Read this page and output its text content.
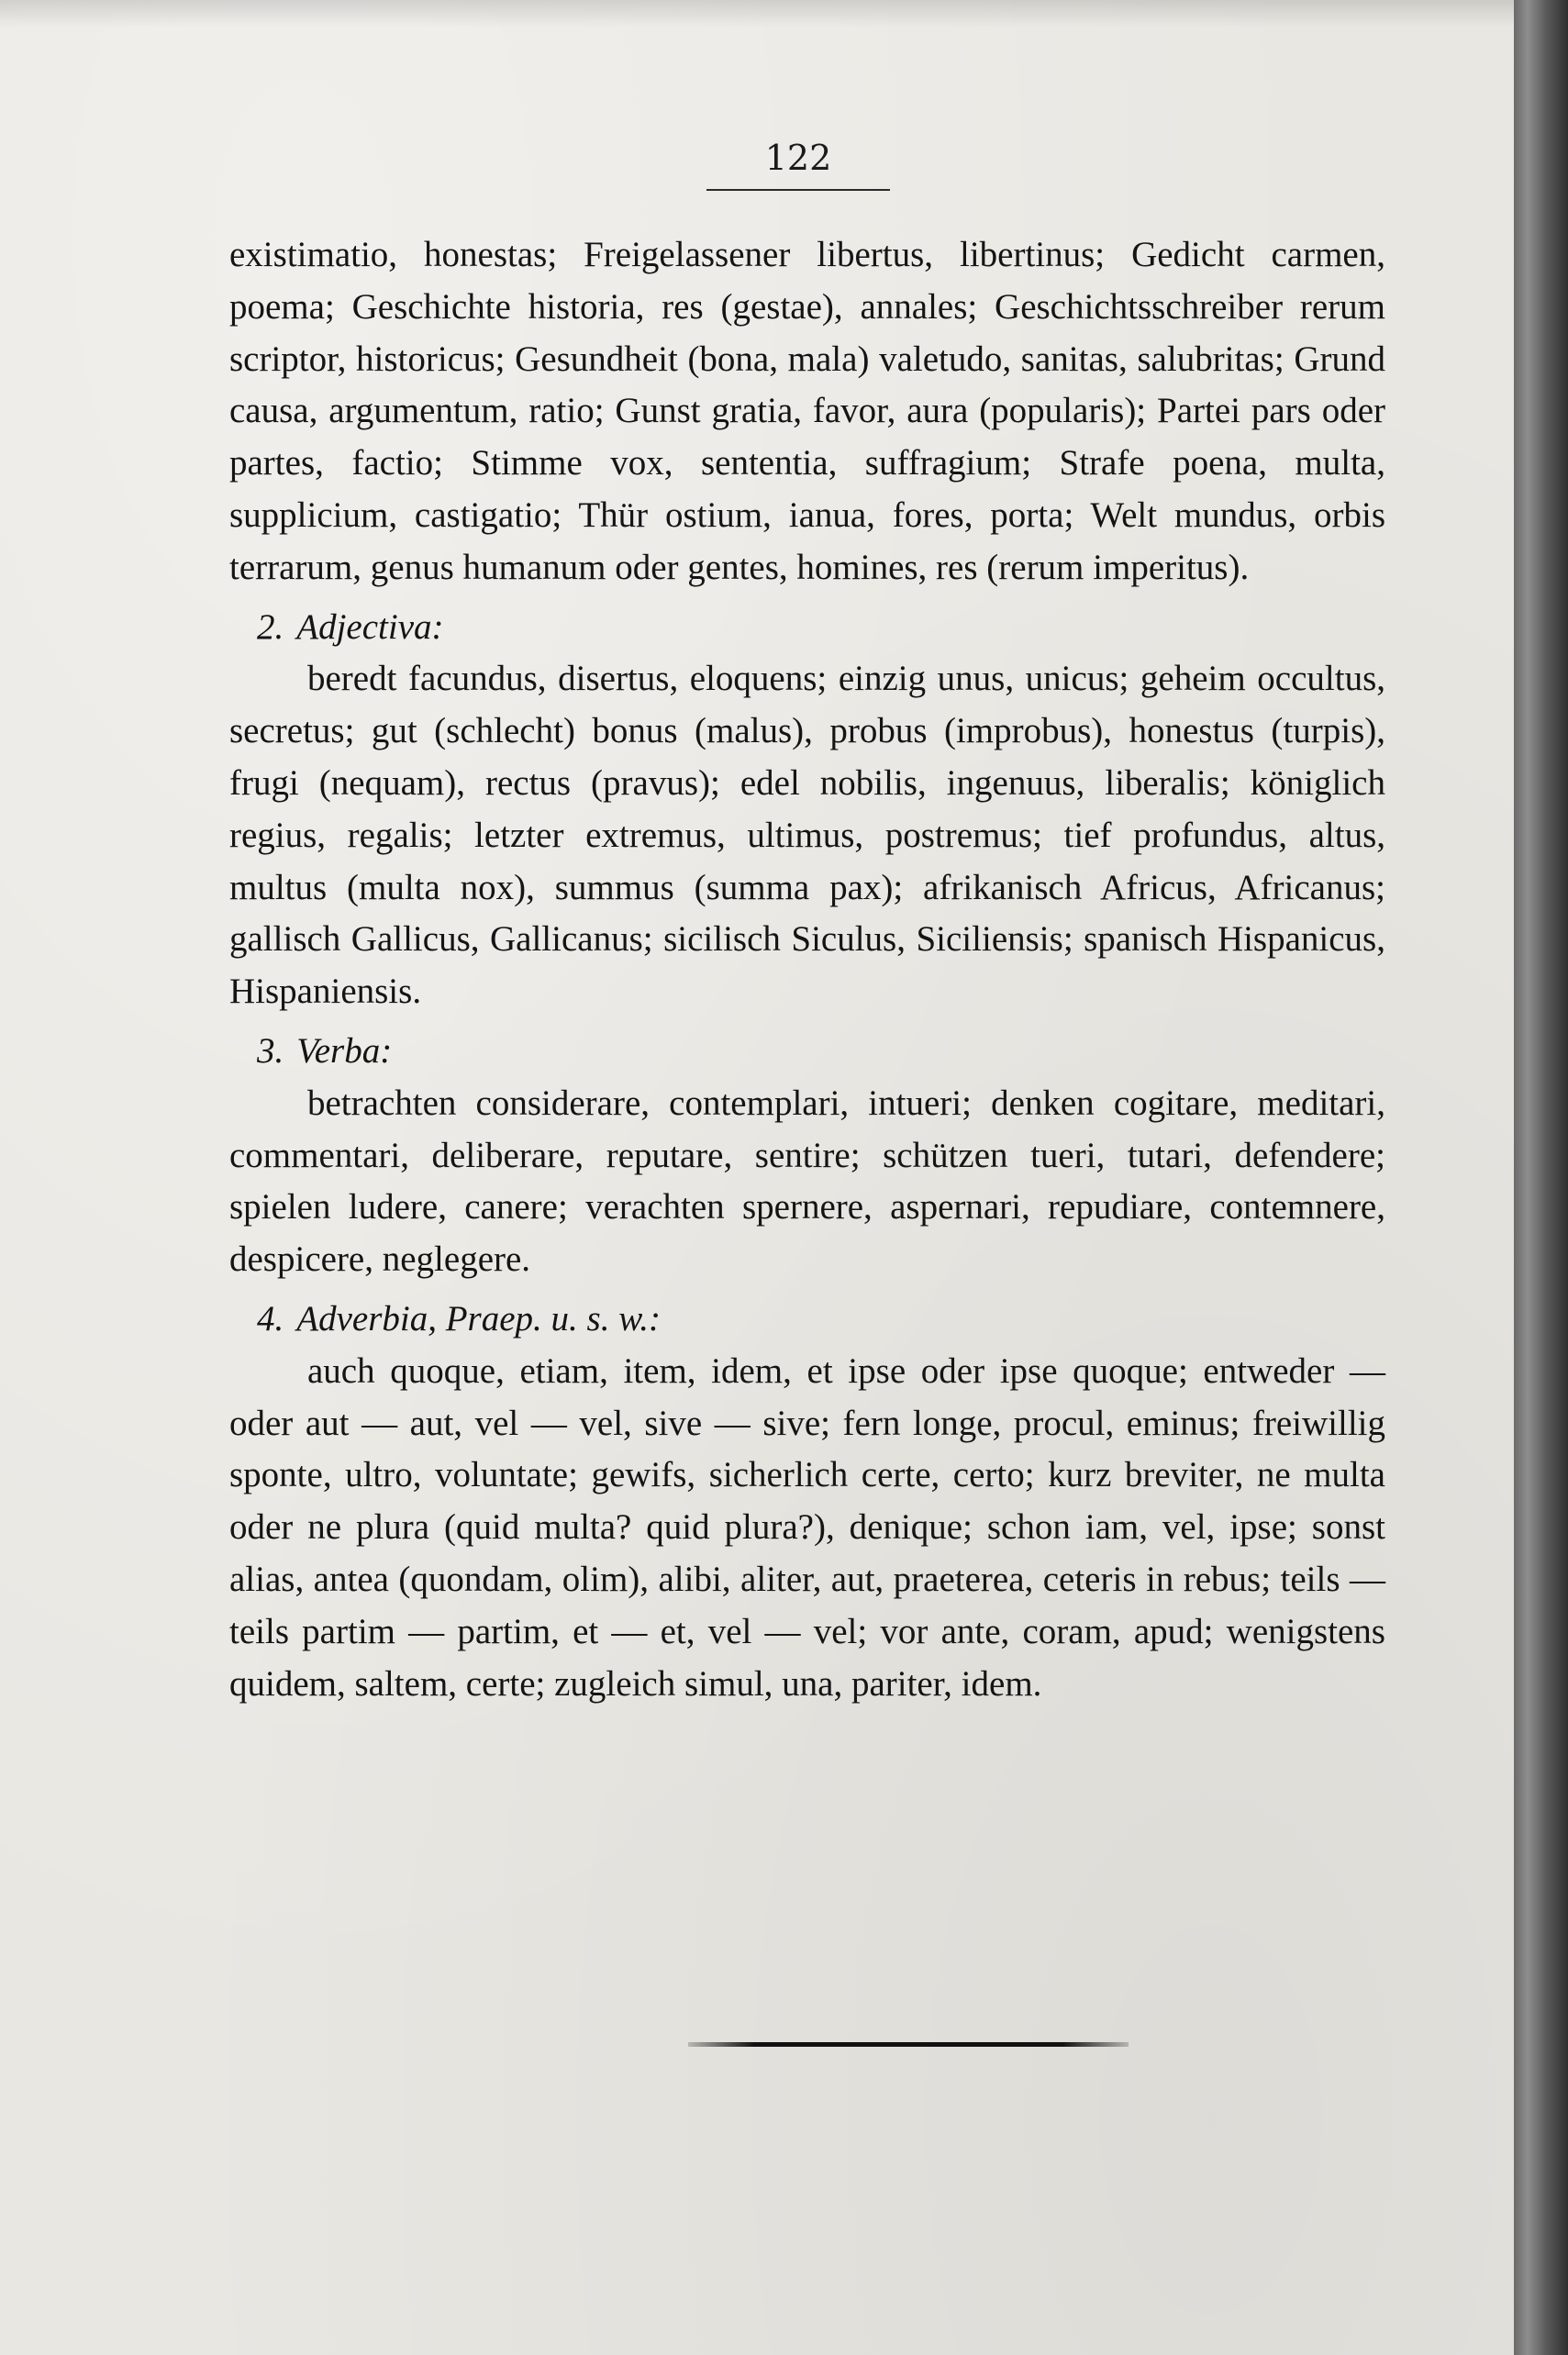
122

existimatio, honestas; Freigelassener libertus, libertinus; Gedicht carmen, poema; Geschichte historia, res (gestae), annales; Geschichtsschreiber rerum scriptor, historicus; Gesundheit (bona, mala) valetudo, sanitas, salubritas; Grund causa, argumentum, ratio; Gunst gratia, favor, aura (popularis); Partei pars oder partes, factio; Stimme vox, sententia, suffragium; Strafe poena, multa, supplicium, castigatio; Thür ostium, ianua, fores, porta; Welt mundus, orbis terrarum, genus humanum oder gentes, homines, res (rerum imperitus).

2. Adjectiva:

beredt facundus, disertus, eloquens; einzig unus, unicus; geheim occultus, secretus; gut (schlecht) bonus (malus), probus (improbus), honestus (turpis), frugi (nequam), rectus (pravus); edel nobilis, ingenuus, liberalis; königlich regius, regalis; letzter extremus, ultimus, postremus; tief profundus, altus, multus (multa nox), summus (summa pax); afrikanisch Africus, Africanus; gallisch Gallicus, Gallicanus; sicilisch Siculus, Siciliensis; spanisch Hispanicus, Hispaniensis.

3. Verba:

betrachten considerare, contemplari, intueri; denken cogitare, meditari, commentari, deliberare, reputare, sentire; schützen tueri, tutari, defendere; spielen ludere, canere; verachten spernere, aspernari, repudiare, contemnere, despicere, neglegere.

4. Adverbia, Praep. u. s. w.:

auch quoque, etiam, item, idem, et ipse oder ipse quoque; entweder — oder aut — aut, vel — vel, sive — sive; fern longe, procul, eminus; freiwillig sponte, ultro, voluntate; gewifs, sicherlich certe, certo; kurz breviter, ne multa oder ne plura (quid multa? quid plura?), denique; schon iam, vel, ipse; sonst alias, antea (quondam, olim), alibi, aliter, aut, praeterea, ceteris in rebus; teils — teils partim — partim, et — et, vel — vel; vor ante, coram, apud; wenigstens quidem, saltem, certe; zugleich simul, una, pariter, idem.
